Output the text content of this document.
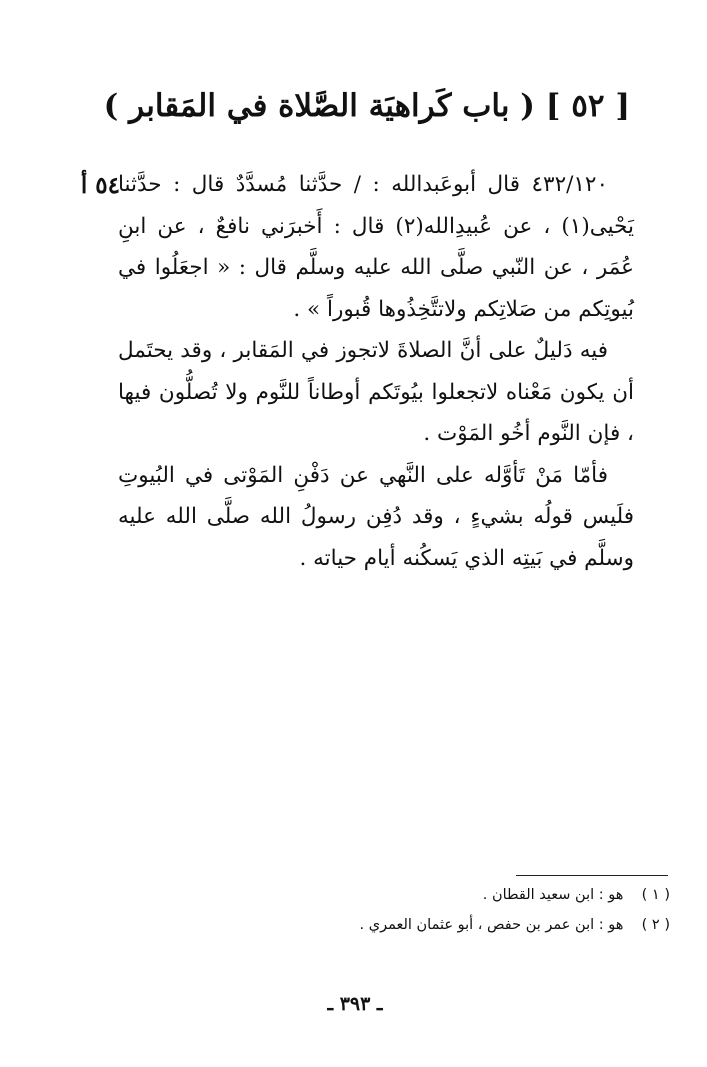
[ ٥٢ ] ( باب كَراهيَة الصَّلاة في المَقابر )
٥٤ أ	٤٣٢/١٢٠ قال أبوعَبدالله : / حدَّثنا مُسدَّدٌ قال : حدَّثنا يَحْيى(١) ، عن عُبيدِالله(٢) قال : أَخبرَني نافعٌ ، عن ابنِ عُمَر ، عن النّبي صلَّى الله عليه وسلَّم قال : « اجعَلُوا في بُيوتِكم من صَلاتِكم ولاتتَّخِذُوها قُبوراً » .

فيه دَليلٌ على أنَّ الصلاةَ لاتجوز في المَقابر ، وقد يحتَمل أن يكون مَعْناه لاتجعلوا بيُوتَكم أوطاناً للنَّوم ولا تُصلُّون فيها ، فإن النَّوم أخُو المَوْت .

فأمّا مَنْ تَأوَّله على النَّهي عن دَفْنِ المَوْتى في البُيوتِ فلَيس قولُه بشيءٍ ، وقد دُفِن رسولُ الله صلَّى الله عليه وسلَّم في بَيتِه الذي يَسكُنه أيام حياته .

( ١ ) هو : ابن سعيد القطان .
( ٢ ) هو : ابن عمر بن حفص ، أبو عثمان العمري .
ـ ٣٩٣ ـ
